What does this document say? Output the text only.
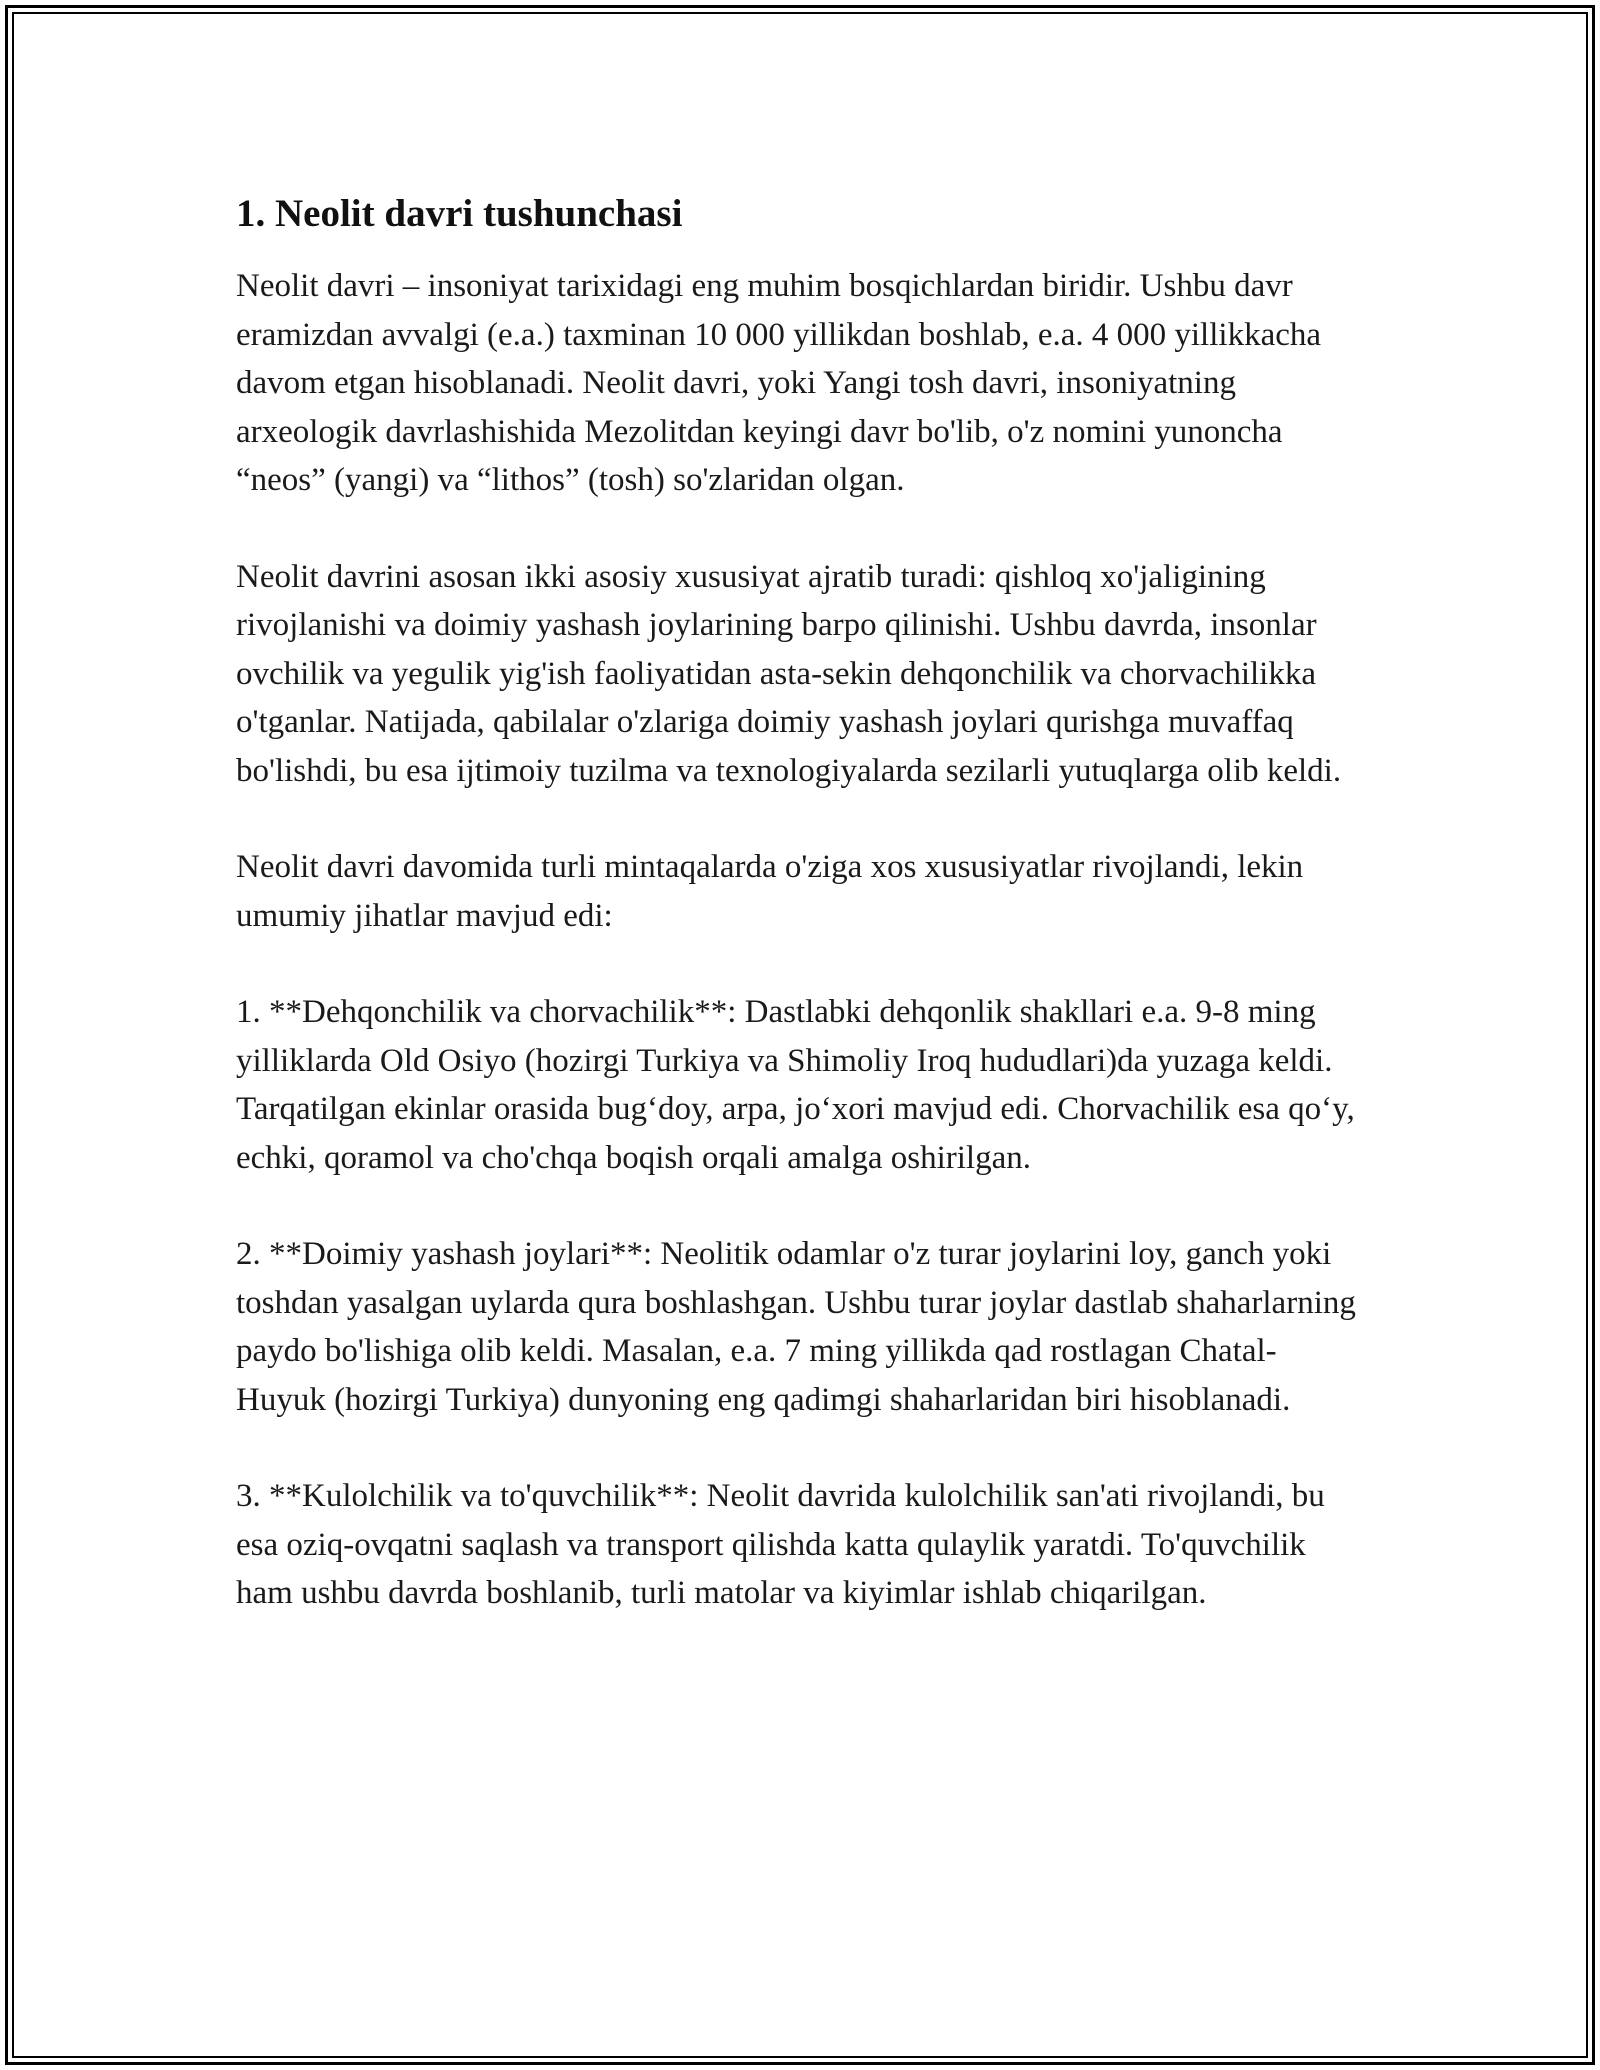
1. Neolit davri tushunchasi

Neolit davri – insoniyat tarixidagi eng muhim bosqichlardan biridir. Ushbu davr eramizdan avvalgi (e.a.) taxminan 10 000 yillikdan boshlab, e.a. 4 000 yillikkacha davom etgan hisoblanadi. Neolit davri, yoki Yangi tosh davri, insoniyatning arxeologik davrlashishida Mezolitdan keyingi davr bo'lib, o'z nomini yunoncha “neos” (yangi) va “lithos” (tosh) so'zlaridan olgan.

Neolit davrini asosan ikki asosiy xususiyat ajratib turadi: qishloq xo'jaligining rivojlanishi va doimiy yashash joylarining barpo qilinishi. Ushbu davrda, insonlar ovchilik va yegulik yig'ish faoliyatidan asta-sekin dehqonchilik va chorvachilikka o'tganlar. Natijada, qabilalar o'zlariga doimiy yashash joylari qurishga muvaffaq bo'lishdi, bu esa ijtimoiy tuzilma va texnologiyalarda sezilarli yutuqlarga olib keldi.

Neolit davri davomida turli mintaqalarda o'ziga xos xususiyatlar rivojlandi, lekin umumiy jihatlar mavjud edi:

1. **Dehqonchilik va chorvachilik**: Dastlabki dehqonlik shakllari e.a. 9-8 ming yilliklarda Old Osiyo (hozirgi Turkiya va Shimoliy Iroq hududlari)da yuzaga keldi. Tarqatilgan ekinlar orasida bug‘doy, arpa, jo‘xori mavjud edi. Chorvachilik esa qo‘y, echki, qoramol va cho'chqa boqish orqali amalga oshirilgan.

2. **Doimiy yashash joylari**: Neolitik odamlar o'z turar joylarini loy, ganch yoki toshdan yasalgan uylarda qura boshlashgan. Ushbu turar joylar dastlab shaharlarning paydo bo'lishiga olib keldi. Masalan, e.a. 7 ming yillikda qad rostlagan Chatal-Huyuk (hozirgi Turkiya) dunyoning eng qadimgi shaharlaridan biri hisoblanadi.

3. **Kulolchilik va to'quvchilik**: Neolit davrida kulolchilik san'ati rivojlandi, bu esa oziq-ovqatni saqlash va transport qilishda katta qulaylik yaratdi. To'quvchilik ham ushbu davrda boshlanib, turli matolar va kiyimlar ishlab chiqarilgan.
